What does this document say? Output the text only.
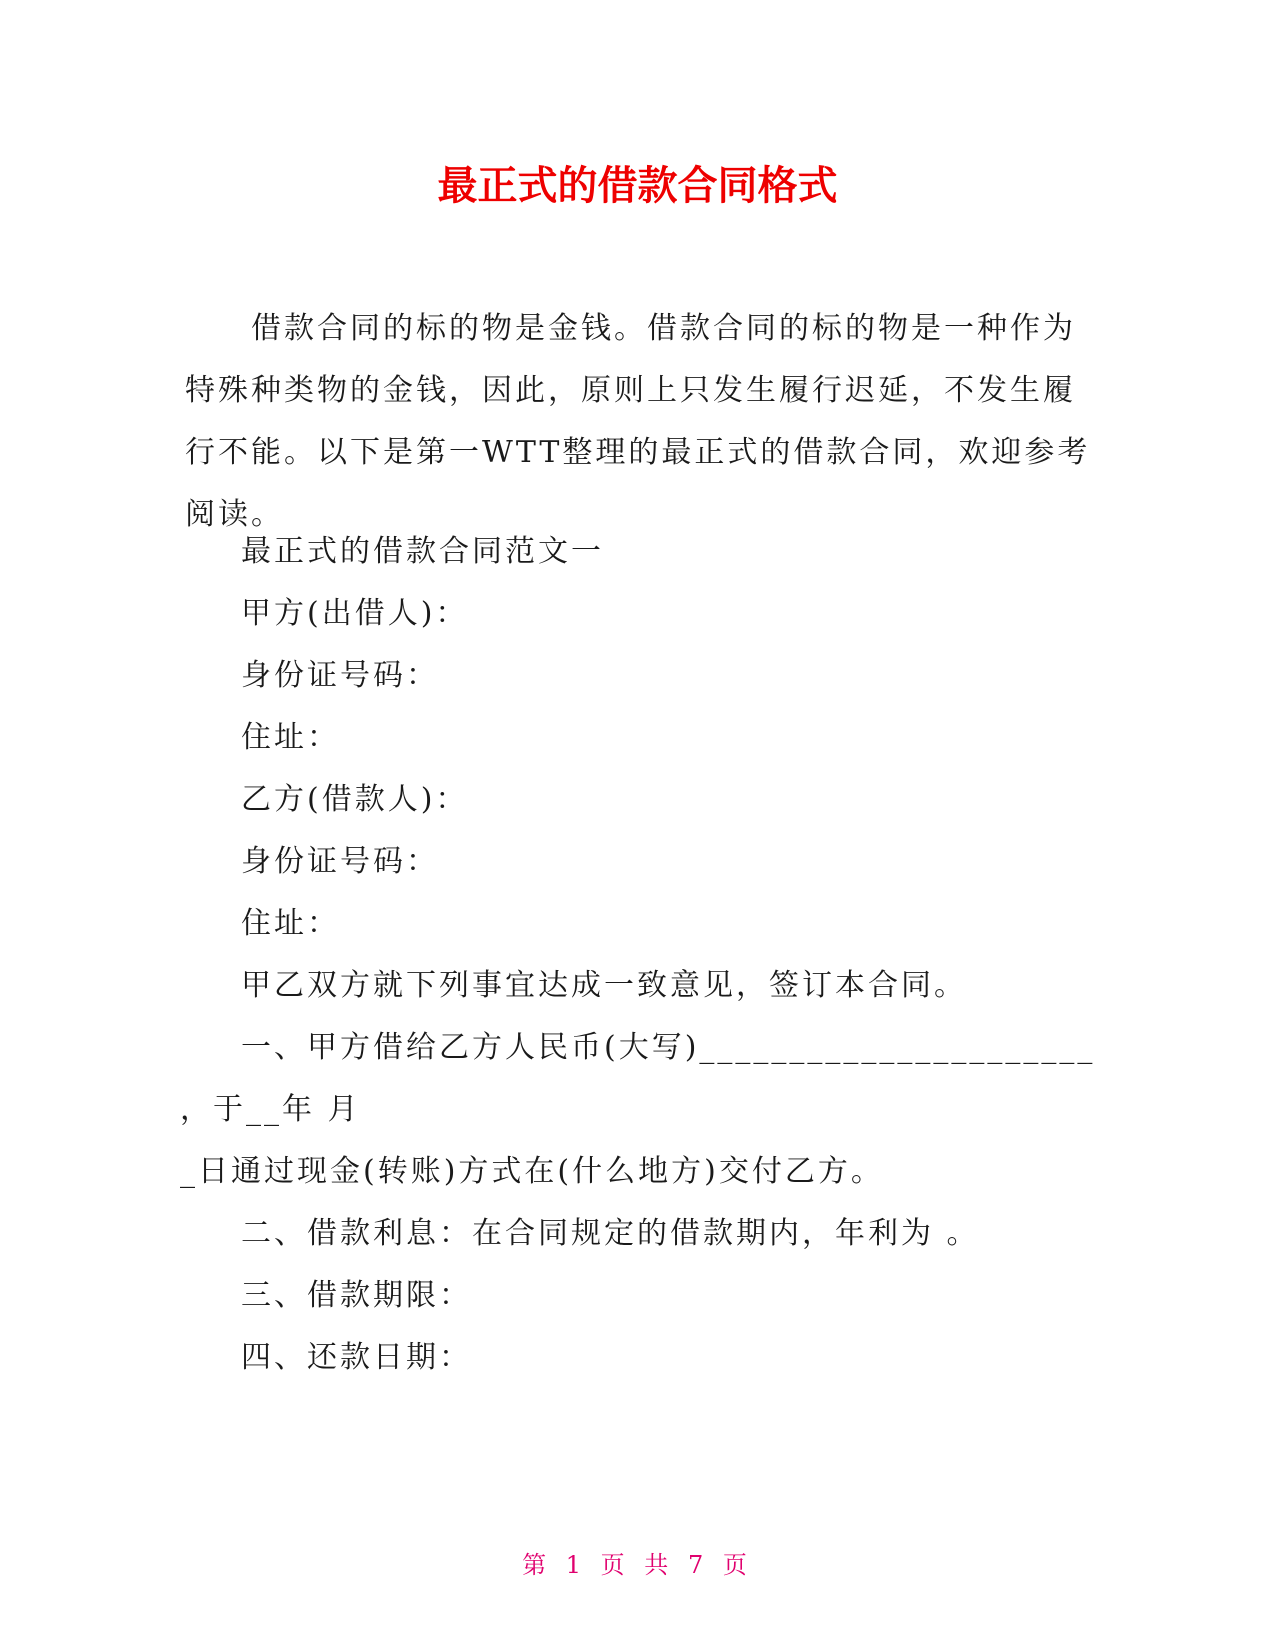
最正式的借款合同格式
借款合同的标的物是金钱。借款合同的标的物是一种作为
特殊种类物的金钱，因此，原则上只发生履行迟延，不发生履
行不能。以下是第一WTT整理的最正式的借款合同，欢迎参考
阅读。
最正式的借款合同范文一
甲方(出借人)：
身份证号码：
住址：
乙方(借款人)：
身份证号码：
住址：
甲乙双方就下列事宜达成一致意见，签订本合同。
一、甲方借给乙方人民币(大写)______________________
，于__年 月
_日通过现金(转账)方式在(什么地方)交付乙方。
二、借款利息：在合同规定的借款期内，年利为 。
三、借款期限：
四、还款日期：
第 1 页 共 7 页
